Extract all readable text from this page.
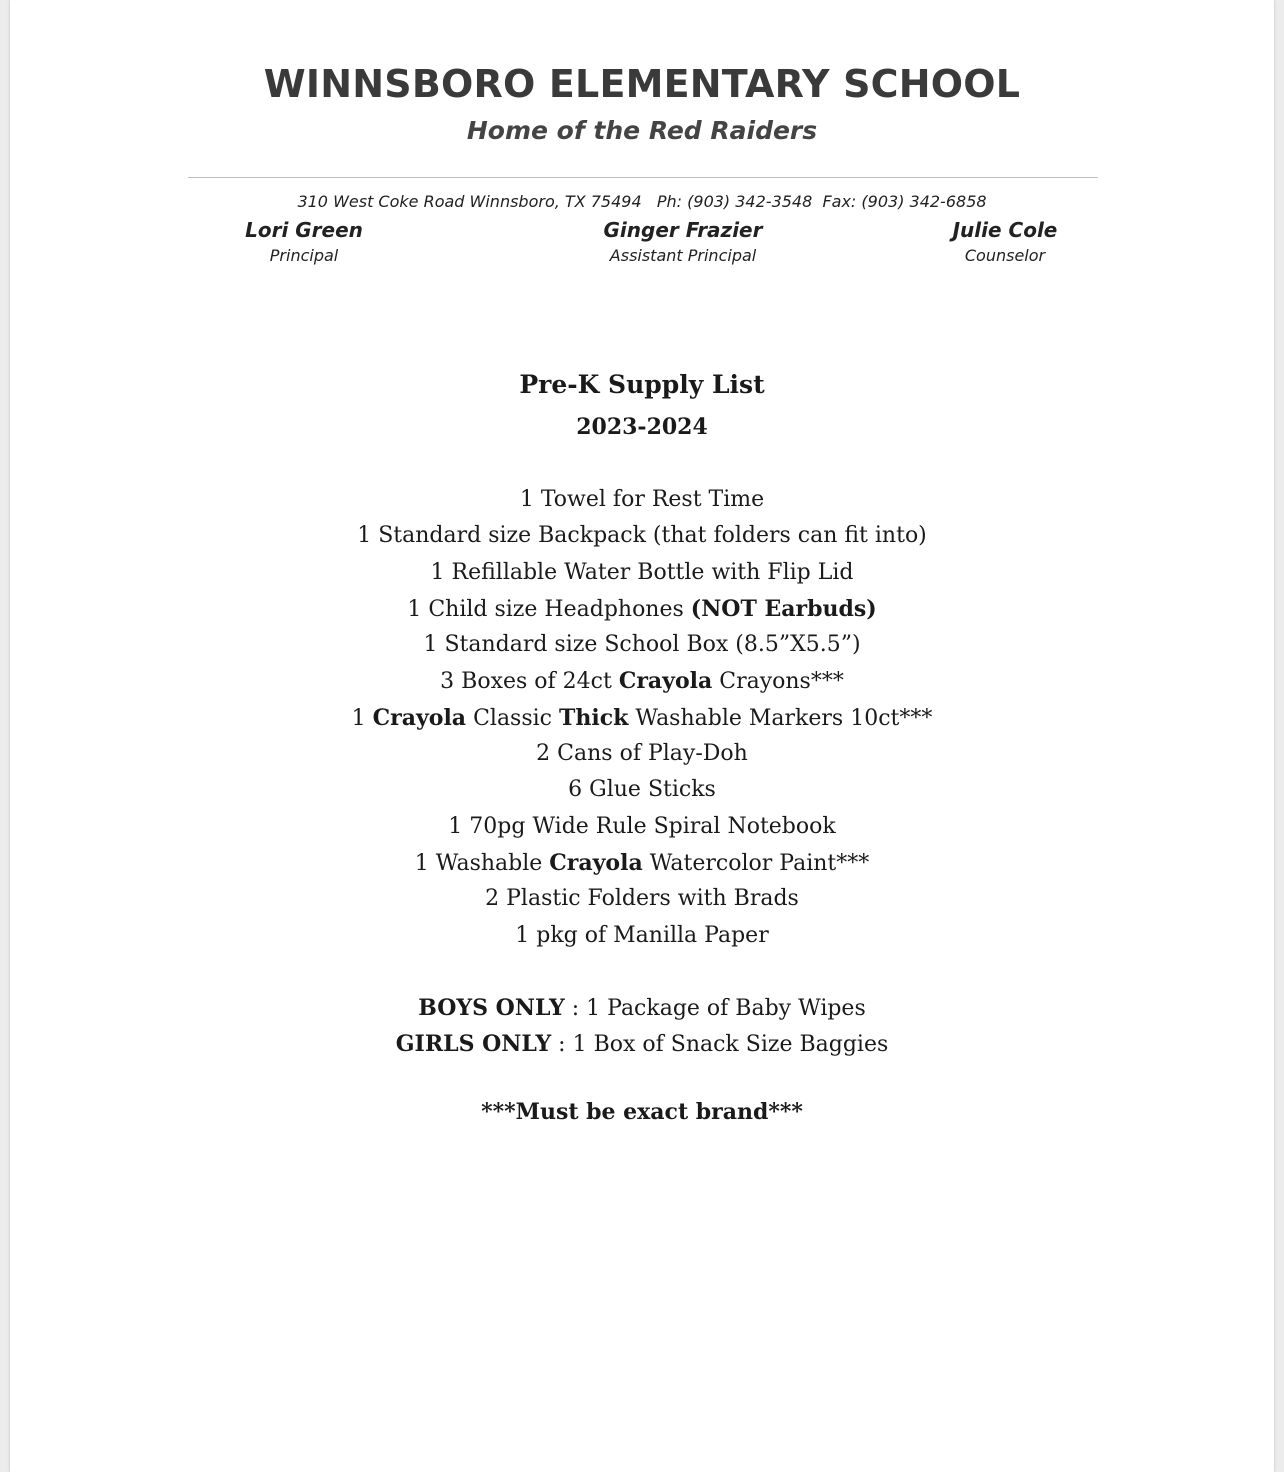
WINNSBORO ELEMENTARY SCHOOL
Home of the Red Raiders
310 West Coke Road Winnsboro, TX 75494   Ph: (903) 342-3548  Fax: (903) 342-6858
Lori Green
Principal
Ginger Frazier
Assistant Principal
Julie Cole
Counselor
Pre-K Supply List
2023-2024
1 Towel for Rest Time
1 Standard size Backpack (that folders can fit into)
1 Refillable Water Bottle with Flip Lid
1 Child size Headphones (NOT Earbuds)
1 Standard size School Box (8.5”X5.5”)
3 Boxes of 24ct Crayola Crayons***
1 Crayola Classic Thick Washable Markers 10ct***
2 Cans of Play-Doh
6 Glue Sticks
1 70pg Wide Rule Spiral Notebook
1 Washable Crayola Watercolor Paint***
2 Plastic Folders with Brads
1 pkg of Manilla Paper
BOYS ONLY : 1 Package of Baby Wipes
GIRLS ONLY : 1 Box of Snack Size Baggies
***Must be exact brand***
